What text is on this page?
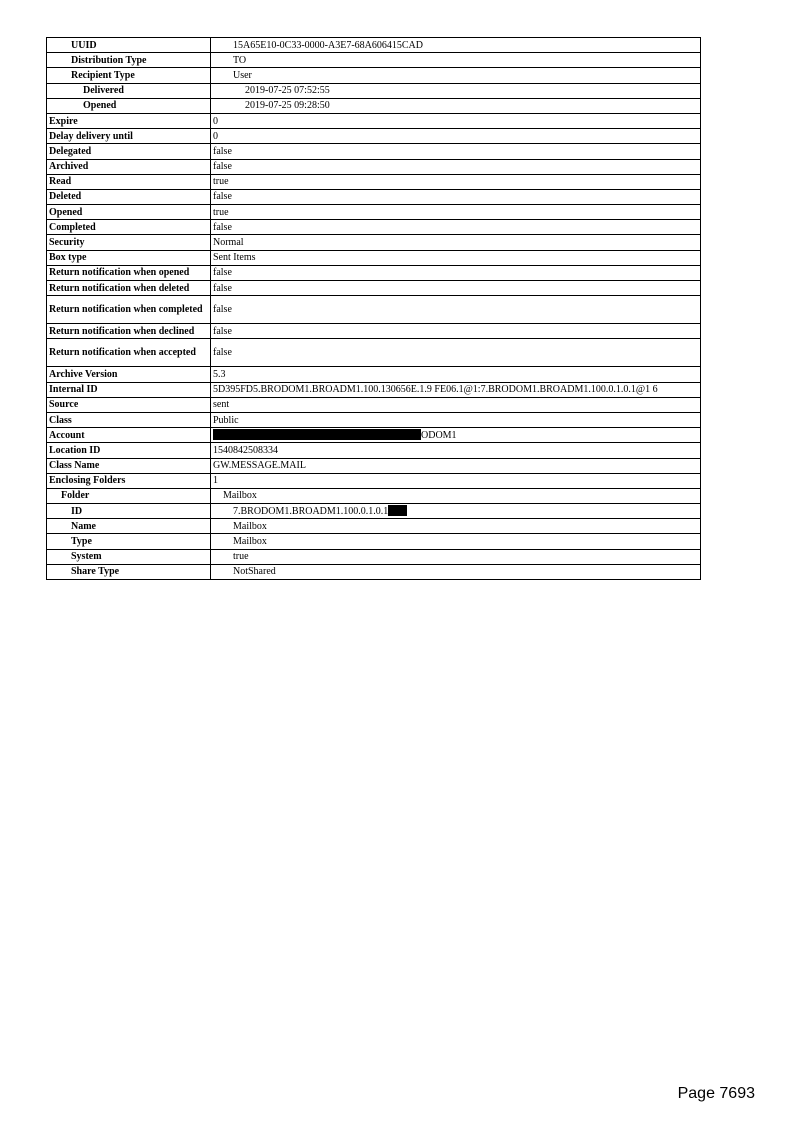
UUID	15A65E10-0C33-0000-A3E7-68A606415CAD
Distribution Type	TO
Recipient Type	User
Delivered	2019-07-25 07:52:55
Opened	2019-07-25 09:28:50
Expire	0
Delay delivery until	0
Delegated	false
Archived	false
Read	true
Deleted	false
Opened	true
Completed	false
Security	Normal
Box type	Sent Items
Return notification when opened	false
Return notification when deleted	false
Return notification when completed	false
Return notification when declined	false
Return notification when accepted	false
Archive Version	5.3
Internal ID	5D395FD5.BRODOM1.BROADM1.100.130656E.1.9 FE06.1@1:7.BRODOM1.BROADM1.100.0.1.0.1@1 6
Source	sent
Class	Public
Account	ODOM1
Location ID	1540842508334
Class Name	GW.MESSAGE.MAIL
Enclosing Folders	1
Folder	Mailbox
ID	7.BRODOM1.BROADM1.100.0.1.0.1
Name	Mailbox
Type	Mailbox
System	true
Share Type	NotShared
Page 7693
